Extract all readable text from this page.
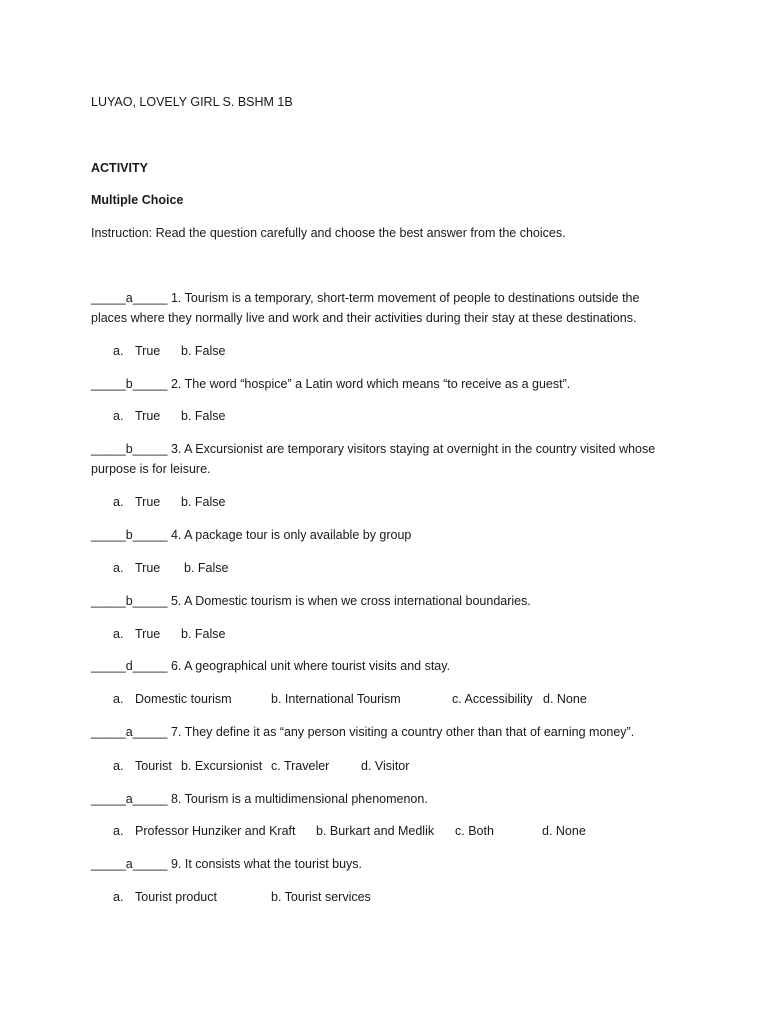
LUYAO, LOVELY GIRL S. BSHM 1B
ACTIVITY
Multiple Choice
Instruction: Read the question carefully and choose the best answer from the choices.
_____a_____ 1. Tourism is a temporary, short-term movement of people to destinations outside the
places where they normally live and work and their activities during their stay at these destinations.
a. True b. False
_____b_____ 2. The word “hospice” a Latin word which means “to receive as a guest”.
a. True b. False
_____b_____ 3. A Excursionist are temporary visitors staying at overnight in the country visited whose
purpose is for leisure.
a. True b. False
_____b_____ 4. A package tour is only available by group
a. True b. False
_____b_____ 5. A Domestic tourism is when we cross international boundaries.
a. True b. False
_____d_____ 6. A geographical unit where tourist visits and stay.
a. Domestic tourism	b. International Tourism	c. Accessibility d. None
_____a_____ 7. They define it as “any person visiting a country other than that of earning money”.
a. Tourist b. Excursionist c. Traveler	d. Visitor
_____a_____ 8. Tourism is a multidimensional phenomenon.
a. Professor Hunziker and Kraft b. Burkart and Medlik c. Both	d. None
_____a_____ 9. It consists what the tourist buys.
a. Tourist product	b. Tourist services
